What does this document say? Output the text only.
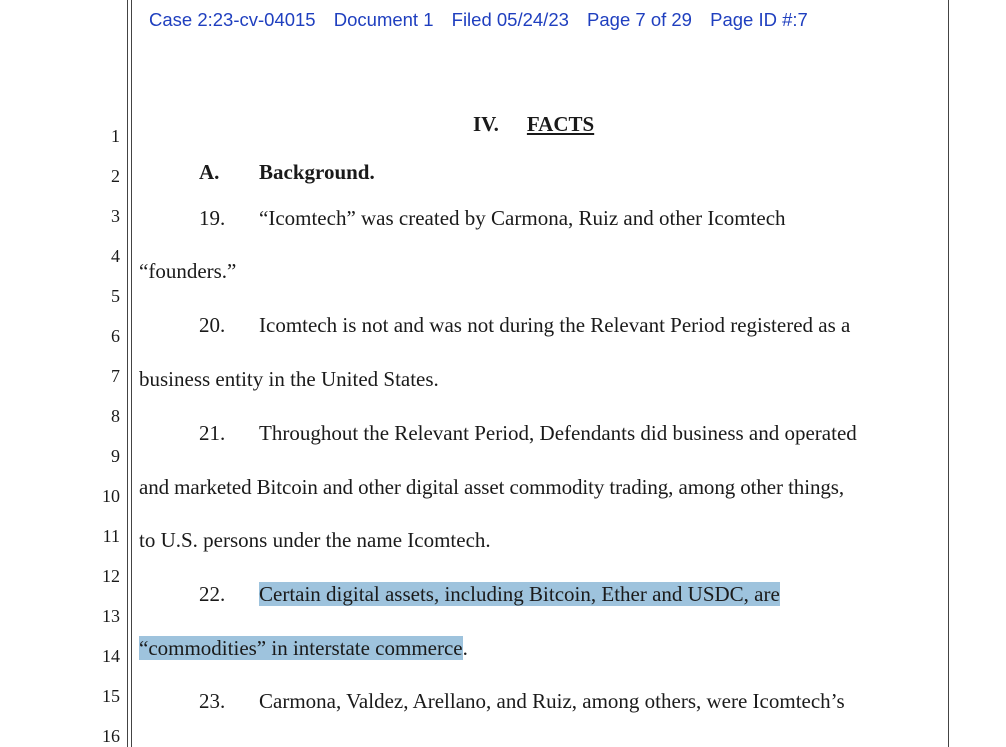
Case 2:23-cv-04015 Document 1 Filed 05/24/23 Page 7 of 29 Page ID #:7
1
2
3
4
5
6
7
8
9
10
11
12
13
14
15
16
IV. FACTS
A. Background.
19. “Icomtech” was created by Carmona, Ruiz and other Icomtech
“founders.”
20. Icomtech is not and was not during the Relevant Period registered as a
business entity in the United States.
21. Throughout the Relevant Period, Defendants did business and operated
and marketed Bitcoin and other digital asset commodity trading, among other things,
to U.S. persons under the name Icomtech.
22. Certain digital assets, including Bitcoin, Ether and USDC, are
“commodities” in interstate commerce.
23. Carmona, Valdez, Arellano, and Ruiz, among others, were Icomtech’s
